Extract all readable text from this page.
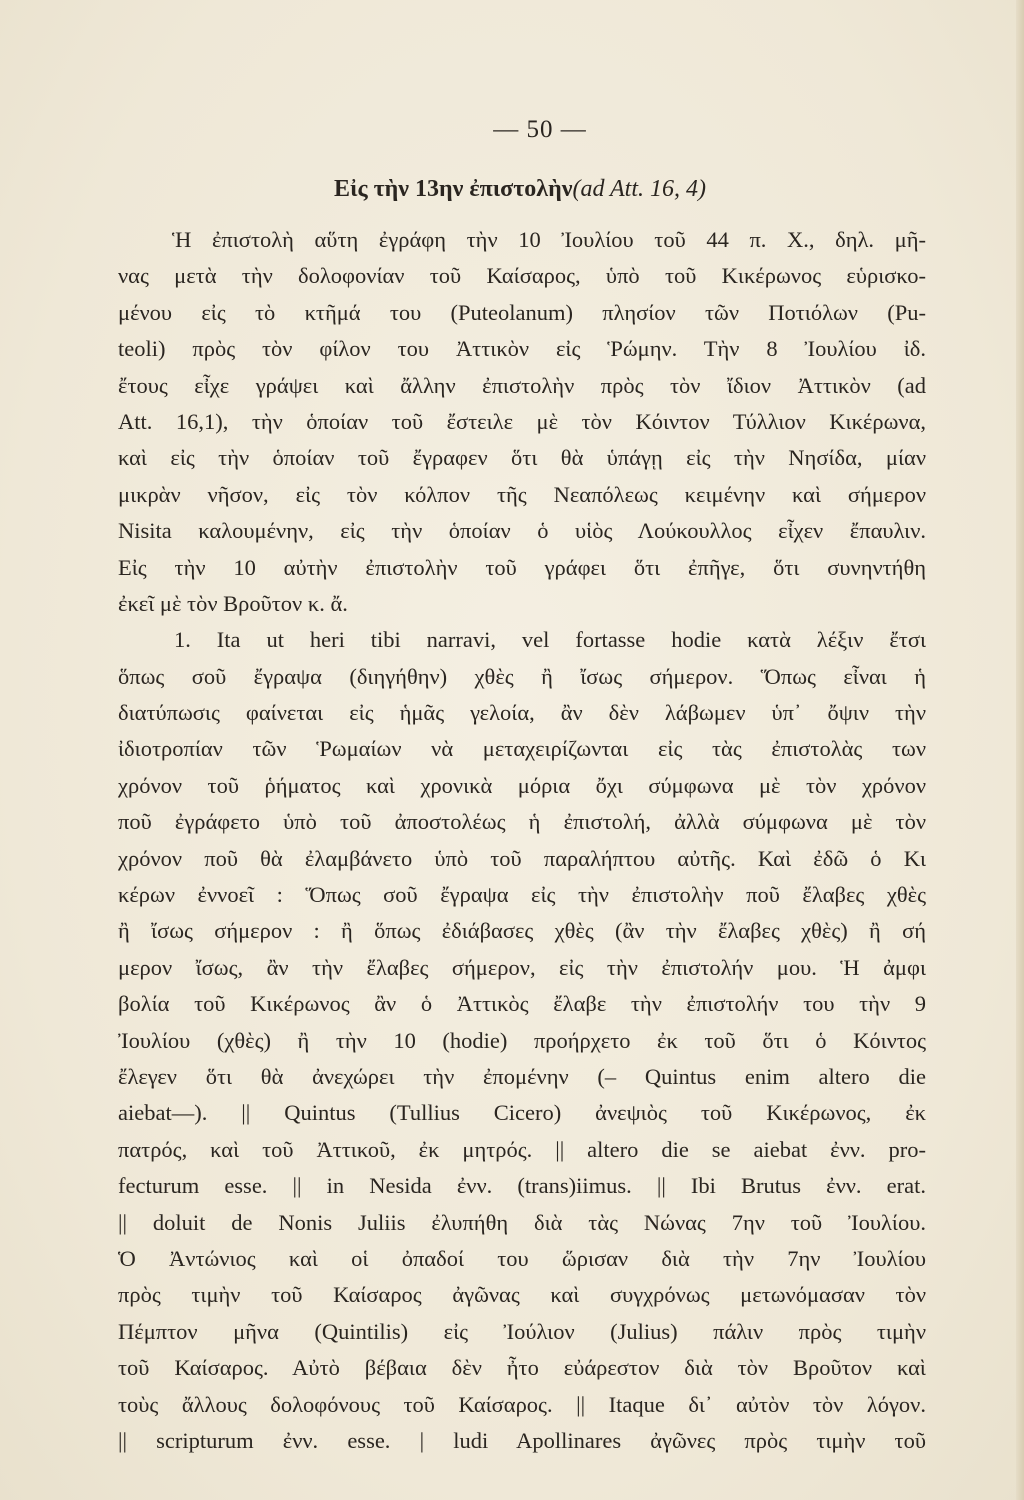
— 50 —
Εἰς τὴν 13ην ἐπιστολὴν(ad Att. 16, 4)
Ἡ ἐπιστολὴ αὕτη ἐγράφη τὴν 10 Ἰουλίου τοῦ 44 π. Χ., δηλ. μῆ-
νας μετὰ τὴν δολοφονίαν τοῦ Καίσαρος, ὑπὸ τοῦ Κικέρωνος εὑρισκο-
μένου εἰς τὸ κτῆμά του (Puteolanum) πλησίον τῶν Ποτιόλων (Pu-
teoli) πρὸς τὸν φίλον του Ἀττικὸν εἰς Ῥώμην. Τὴν 8 Ἰουλίου ἰδ.
ἔτους εἶχε γράψει καὶ ἄλλην ἐπιστολὴν πρὸς τὸν ἴδιον Ἀττικὸν (ad
Att. 16,1), τὴν ὁποίαν τοῦ ἔστειλε μὲ τὸν Κόιντον Τύλλιον Κικέρωνα,
καὶ εἰς τὴν ὁποίαν τοῦ ἔγραφεν ὅτι θὰ ὑπάγῃ εἰς τὴν Νησίδα, μίαν
μικρὰν νῆσον, εἰς τὸν κόλπον τῆς Νεαπόλεως κειμένην καὶ σήμερον
Nisita καλουμένην, εἰς τὴν ὁποίαν ὁ υἱὸς Λούκουλλος εἶχεν ἔπαυλιν.
Εἰς τὴν 10 αὐτὴν ἐπιστολὴν τοῦ γράφει ὅτι ἐπῆγε, ὅτι συνηντήθη
ἐκεῖ μὲ τὸν Βροῦτον κ. ἄ.
1. Ita ut heri tibi narravi, vel fortasse hodie κατὰ λέξιν ἔτσι
ὅπως σοῦ ἔγραψα (διηγήθην) χθὲς ἢ ἴσως σήμερον. Ὅπως εἶναι ἡ
διατύπωσις φαίνεται εἰς ἡμᾶς γελοία, ἂν δὲν λάβωμεν ὑπ᾽ ὄψιν τὴν
ἰδιοτροπίαν τῶν Ῥωμαίων νὰ μεταχειρίζωνται εἰς τὰς ἐπιστολὰς των
χρόνον τοῦ ῥήματος καὶ χρονικὰ μόρια ὄχι σύμφωνα μὲ τὸν χρόνον
ποῦ ἐγράφετο ὑπὸ τοῦ ἀποστολέως ἡ ἐπιστολή, ἀλλὰ σύμφωνα μὲ τὸν
χρόνον ποῦ θὰ ἐλαμβάνετο ὑπὸ τοῦ παραλήπτου αὐτῆς. Καὶ ἐδῶ ὁ Κι
κέρων ἐννοεῖ : Ὅπως σοῦ ἔγραψα εἰς τὴν ἐπιστολὴν ποῦ ἔλαβες χθὲς
ἢ ἴσως σήμερον : ἢ ὅπως ἐδιάβασες χθὲς (ἂν τὴν ἔλαβες χθὲς) ἢ σή
μερον ἴσως, ἂν τὴν ἔλαβες σήμερον, εἰς τὴν ἐπιστολήν μου. Ἡ ἀμφι
βολία τοῦ Κικέρωνος ἂν ὁ Ἀττικὸς ἔλαβε τὴν ἐπιστολήν του τὴν 9
Ἰουλίου (χθὲς) ἢ τὴν 10 (hodie) προήρχετο ἐκ τοῦ ὅτι ὁ Κόιντος
ἔλεγεν ὅτι θὰ ἀνεχώρει τὴν ἐπομένην (– Quintus enim altero die
aiebat—). || Quintus (Tullius Cicero) ἀνεψιὸς τοῦ Κικέρωνος, ἐκ
πατρός, καὶ τοῦ Ἀττικοῦ, ἐκ μητρός. || altero die se aiebat ἐνν. pro-
fecturum esse. || in Nesida ἐνν. (trans)iimus. || Ibi Brutus ἐνν. erat.
|| doluit de Nonis Juliis ἐλυπήθη διὰ τὰς Νώνας 7ην τοῦ Ἰουλίου.
Ὁ Ἀντώνιος καὶ οἱ ὀπαδοί του ὥρισαν διὰ τὴν 7ην Ἰουλίου
πρὸς τιμὴν τοῦ Καίσαρος ἀγῶνας καὶ συγχρόνως μετωνόμασαν τὸν
Πέμπτον μῆνα (Quintilis) εἰς Ἰούλιον (Julius) πάλιν πρὸς τιμὴν
τοῦ Καίσαρος. Αὐτὸ βέβαια δὲν ἦτο εὐάρεστον διὰ τὸν Βροῦτον καὶ
τοὺς ἄλλους δολοφόνους τοῦ Καίσαρος. || Itaque δι᾽ αὐτὸν τὸν λόγον.
|| scripturum ἐνν. esse. | ludi Apollinares ἀγῶνες πρὸς τιμὴν τοῦ
